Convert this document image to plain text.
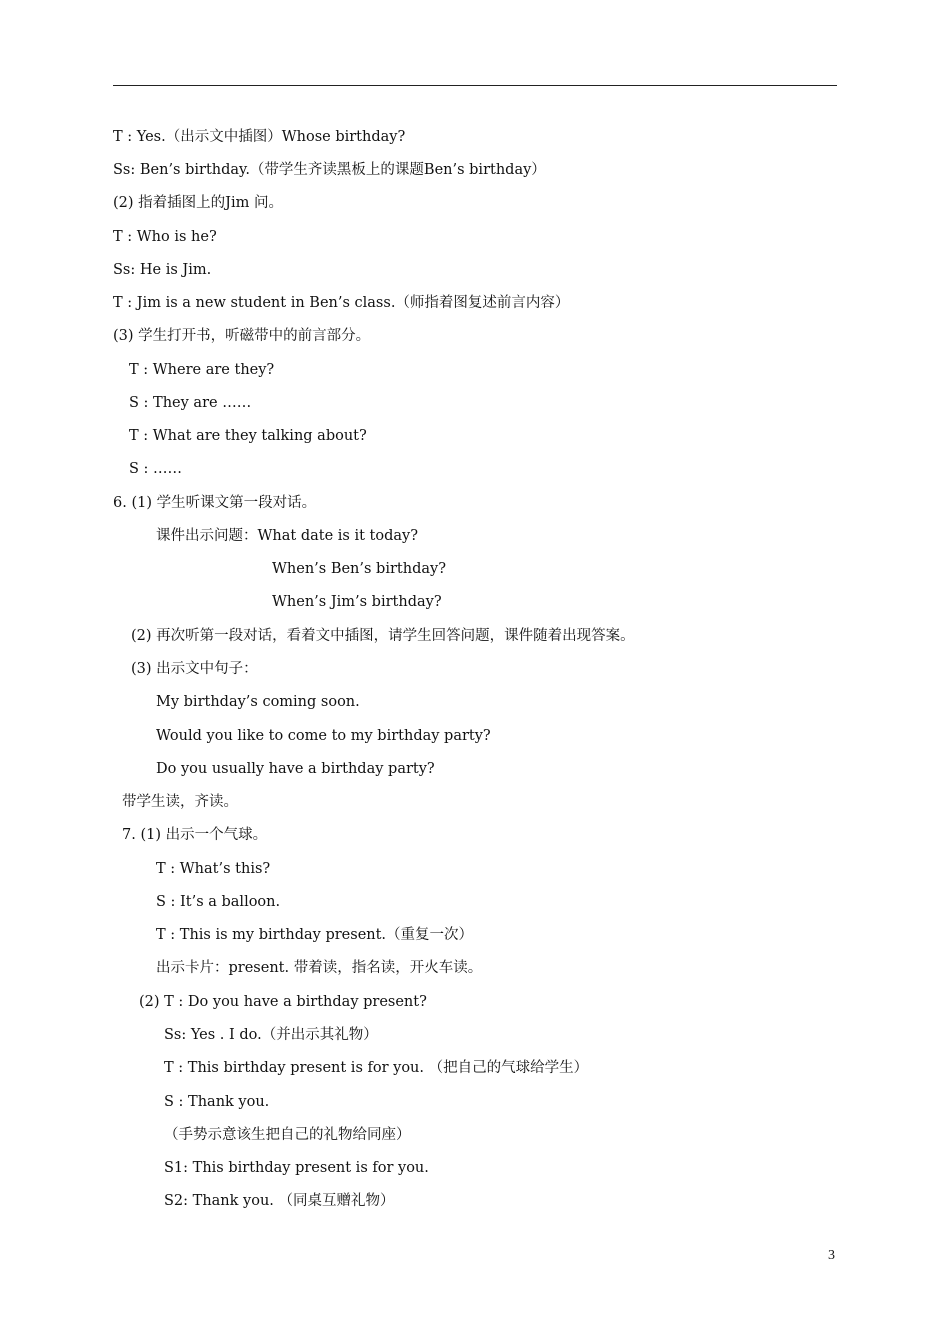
T : Yes.（出示文中插图）Whose birthday?
Ss: Ben’s birthday.（带学生齐读黑板上的课题Ben’s birthday）
(2) 指着插图上的Jim 问。
T : Who is he?
Ss: He is Jim.
T : Jim is a new student in Ben’s class.（师指着图复述前言内容）
(3) 学生打开书，听磁带中的前言部分。
T : Where are they?
S : They are ……
T : What are they talking about?
S : ……
6. (1) 学生听课文第一段对话。
课件出示问题：What date is it today?
When’s Ben’s birthday?
When’s Jim’s birthday?
(2) 再次听第一段对话，看着文中插图，请学生回答问题，课件随着出现答案。
(3) 出示文中句子：
My birthday’s coming soon.
Would you like to come to my birthday party?
Do you usually have a birthday party?
带学生读，齐读。
7. (1) 出示一个气球。
T : What’s this?
S : It’s a balloon.
T : This is my birthday present.（重复一次）
出示卡片：present. 带着读，指名读，开火车读。
(2) T : Do you have a birthday present?
Ss: Yes . I do.（并出示其礼物）
T : This birthday present is for you. （把自己的气球给学生）
S : Thank you.
（手势示意该生把自己的礼物给同座）
S1: This birthday present is for you.
S2: Thank you. （同桌互赠礼物）
3
